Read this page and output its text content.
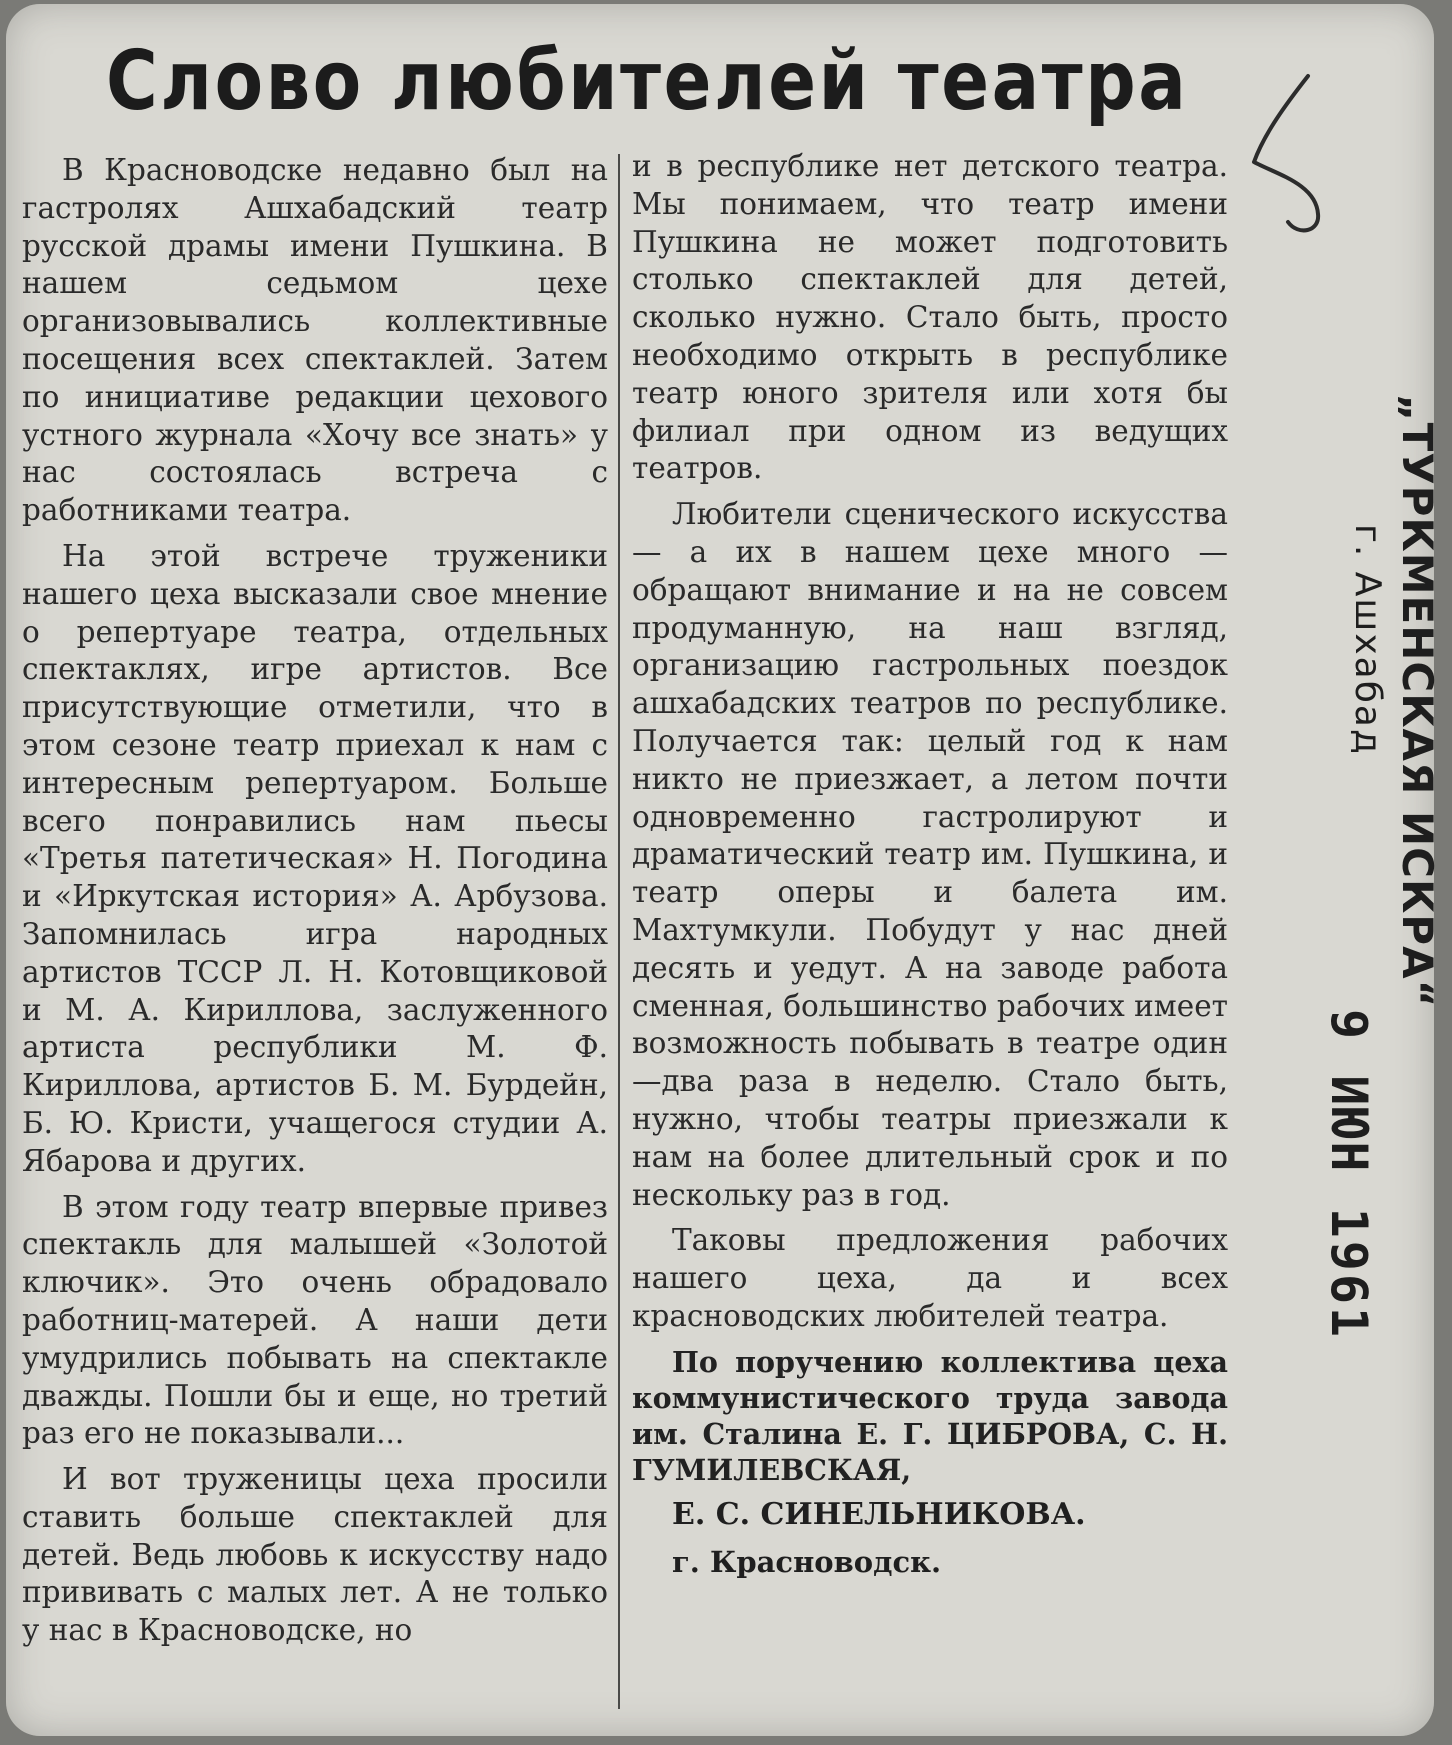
Слово любителей театра

В Красноводске недавно был на гастролях Ашхабадский театр русской драмы имени Пушкина. В нашем седьмом цехе организовывались коллективные посещения всех спектаклей. Затем по инициативе редакции цехового устного журнала «Хочу все знать» у нас состоялась встреча с работниками театра.

На этой встрече труженики нашего цеха высказали свое мнение о репертуаре театра, отдельных спектаклях, игре артистов. Все присутствующие отметили, что в этом сезоне театр приехал к нам с интересным репертуаром. Больше всего понравились нам пьесы «Третья патетическая» Н. Погодина и «Иркутская история» А. Арбузова. Запомнилась игра народных артистов ТССР Л. Н. Котовщиковой и М. А. Кириллова, заслуженного артиста республики М. Ф. Кириллова, артистов Б. М. Бурдейн, Б. Ю. Кристи, учащегося студии А. Ябарова и других.

В этом году театр впервые привез спектакль для малышей «Золотой ключик». Это очень обрадовало работниц-матерей. А наши дети умудрились побывать на спектакле дважды. Пошли бы и еще, но третий раз его не показывали...

И вот труженицы цеха просили ставить больше спектаклей для детей. Ведь любовь к искусству надо прививать с малых лет. А не только у нас в Красноводске, но

и в республике нет детского театра. Мы понимаем, что театр имени Пушкина не может подготовить столько спектаклей для детей, сколько нужно. Стало быть, просто необходимо открыть в республике театр юного зрителя или хотя бы филиал при одном из ведущих театров.

Любители сценического искусства — а их в нашем цехе много — обращают внимание и на не совсем продуманную, на наш взгляд, организацию гастрольных поездок ашхабадских театров по республике. Получается так: целый год к нам никто не приезжает, а летом почти одновременно гастролируют и драматический театр им. Пушкина, и театр оперы и балета им. Махтумкули. Побудут у нас дней десять и уедут. А на заводе работа сменная, большинство рабочих имеет возможность побывать в театре один—два раза в неделю. Стало быть, нужно, чтобы театры приезжали к нам на более длительный срок и по нескольку раз в год.

Таковы предложения рабочих нашего цеха, да и всех красноводских любителей театра.

По поручению коллектива цеха коммунистического труда завода им. Сталина Е. Г. ЦИБРОВА, С. Н. ГУМИЛЕВСКАЯ,

Е. С. СИНЕЛЬНИКОВА.

г. Красноводск.

„ТУРКМЕНСКАЯ ИСКРА“
г. Ашхабад
9 ИЮН 1961
